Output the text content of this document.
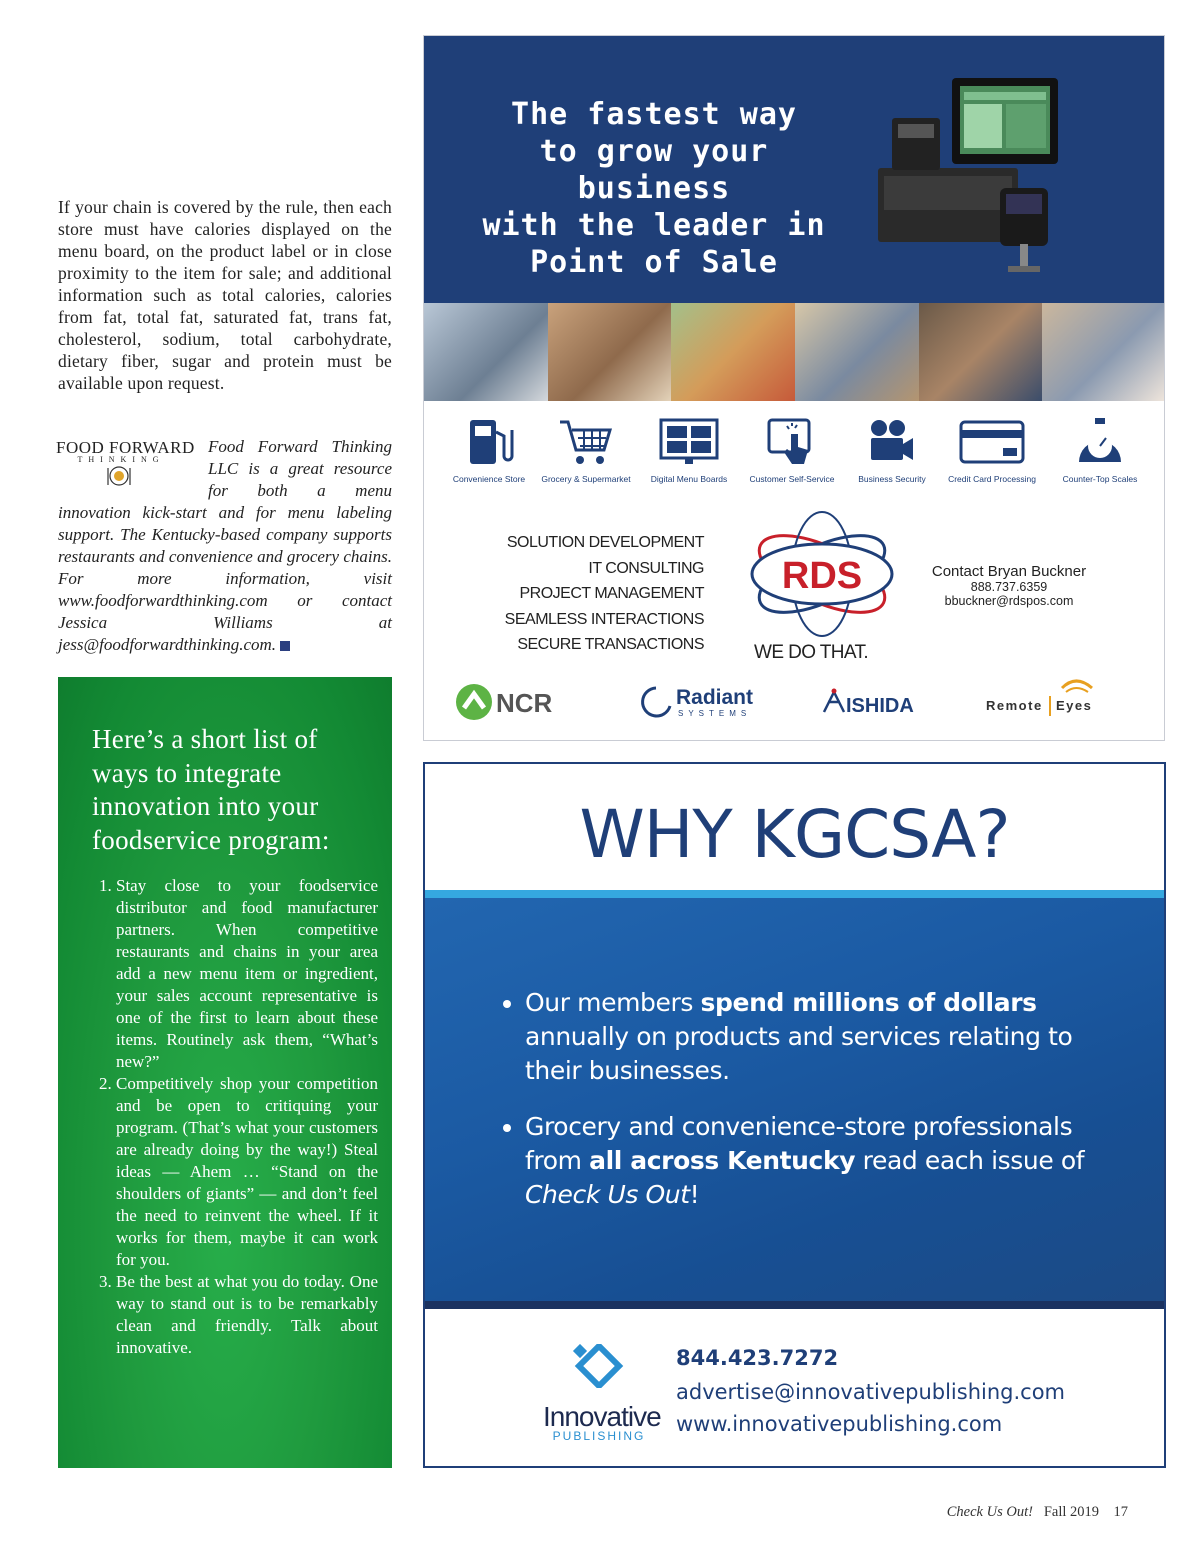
If your chain is covered by the rule, then each store must have calories displayed on the menu board, on the product label or in close proximity to the item for sale; and additional information such as total calories, calories from fat, total fat, saturated fat, trans fat, cholesterol, sodium, total carbohydrate, dietary fiber, sugar and protein must be available upon request.

Food Forward Thinking LLC is a great resource for both a menu innovation kick-start and for menu labeling support. The Kentucky-based company supports restaurants and convenience and grocery chains. For more information, visit www.foodforwardthinking.com or contact Jessica Williams at jess@foodforwardthinking.com.
FOOD FORWARD
THINKING
Here’s a short list of ways to integrate innovation into your foodservice program:
1. Stay close to your foodservice distributor and food manufacturer partners. When competitive restaurants and chains in your area add a new menu item or ingredient, your sales account representative is one of the first to learn about these items. Routinely ask them, “What’s new?”
2. Competitively shop your competition and be open to critiquing your program. (That’s what your customers are already doing by the way!) Steal ideas — Ahem … “Stand on the shoulders of giants” — and don’t feel the need to reinvent the wheel. If it works for them, maybe it can work for you.
3. Be the best at what you do today. One way to stand out is to be remarkably clean and friendly. Talk about innovative.
The fastest way
to grow your business
with the leader in
Point of Sale
Convenience Store	Grocery & Supermarket	Digital Menu Boards	Customer Self-Service	Business Security	Credit Card Processing	Counter-Top Scales
SOLUTION DEVELOPMENT
IT CONSULTING
PROJECT MANAGEMENT
SEAMLESS INTERACTIONS
SECURE TRANSACTIONS
RDS
WE DO THAT.
Contact Bryan Buckner
888.737.6359
bbuckner@rdspos.com
NCR	Radiant
SYSTEMS	ISHIDA	Remote Eyes
WHY KGCSA?
• Our members spend millions of dollars annually on products and services relating to their businesses.
• Grocery and convenience-store professionals from all across Kentucky read each issue of Check Us Out!
Innovative
PUBLISHING
844.423.7272
advertise@innovativepublishing.com
www.innovativepublishing.com
Check Us Out! Fall 2019 17
